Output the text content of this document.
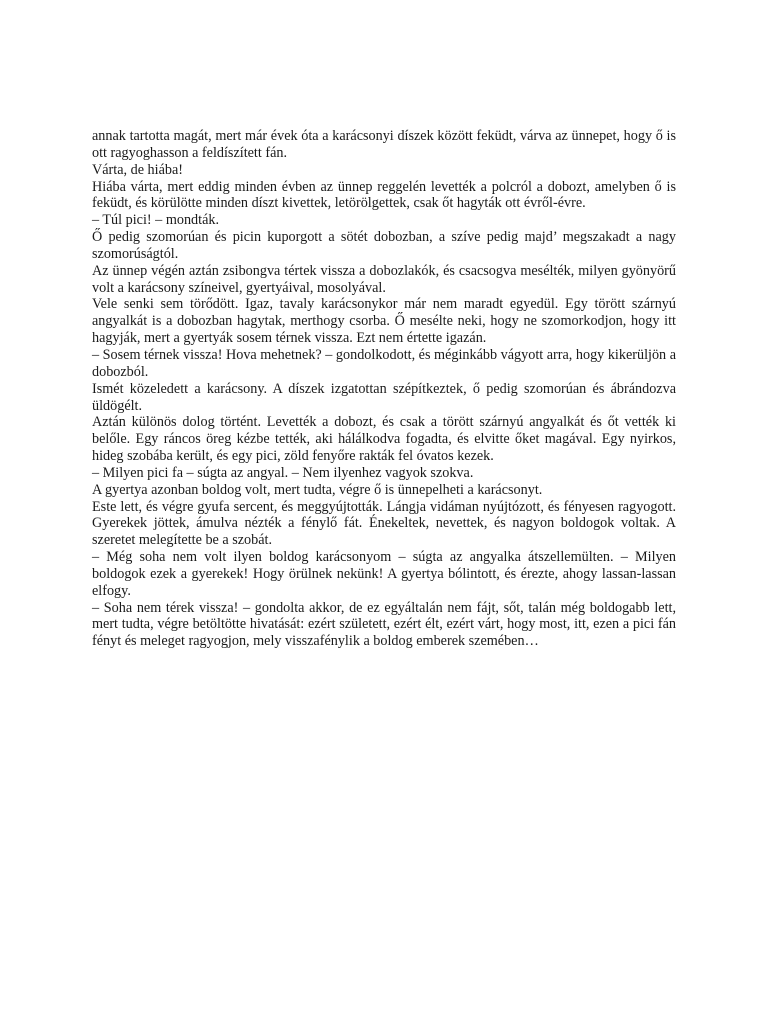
annak tartotta magát, mert már évek óta a karácsonyi díszek között feküdt, várva az ünnepet, hogy ő is ott ragyoghasson a feldíszített fán.

Várta, de hiába!

Hiába várta, mert eddig minden évben az ünnep reggelén levették a polcról a dobozt, amelyben ő is feküdt, és körülötte minden díszt kivettek, letörölgettek, csak őt hagyták ott évről-évre.

– Túl pici! – mondták.

Ő pedig szomorúan és picin kuporgott a sötét dobozban, a szíve pedig majd’ megszakadt a nagy szomorúságtól.

Az ünnep végén aztán zsibongva tértek vissza a dobozlakók, és csacsogva mesélték, milyen gyönyörű volt a karácsony színeivel, gyertyáival, mosolyával.

Vele senki sem törődött. Igaz, tavaly karácsonykor már nem maradt egyedül. Egy törött szárnyú angyalkát is a dobozban hagytak, merthogy csorba. Ő mesélte neki, hogy ne szomorkodjon, hogy itt hagyják, mert a gyertyák sosem térnek vissza. Ezt nem értette igazán.

– Sosem térnek vissza! Hova mehetnek? – gondolkodott, és méginkább vágyott arra, hogy kikerüljön a dobozból.

Ismét közeledett a karácsony. A díszek izgatottan szépítkeztek, ő pedig szomorúan és ábrándozva üldögélt.

Aztán különös dolog történt. Levették a dobozt, és csak a törött szárnyú angyalkát és őt vették ki belőle. Egy ráncos öreg kézbe tették, aki hálálkodva fogadta, és elvitte őket magával. Egy nyirkos, hideg szobába került, és egy pici, zöld fenyőre rakták fel óvatos kezek.

– Milyen pici fa – súgta az angyal. – Nem ilyenhez vagyok szokva.

A gyertya azonban boldog volt, mert tudta, végre ő is ünnepelheti a karácsonyt.

Este lett, és végre gyufa sercent, és meggyújtották. Lángja vidáman nyújtózott, és fényesen ragyogott. Gyerekek jöttek, ámulva nézték a fénylő fát. Énekeltek, nevettek, és nagyon boldogok voltak. A szeretet melegítette be a szobát.

– Még soha nem volt ilyen boldog karácsonyom – súgta az angyalka átszellemülten. – Milyen boldogok ezek a gyerekek! Hogy örülnek nekünk! A gyertya bólintott, és érezte, ahogy lassan-lassan elfogy.

– Soha nem térek vissza! – gondolta akkor, de ez egyáltalán nem fájt, sőt, talán még boldogabb lett, mert tudta, végre betöltötte hivatását: ezért született, ezért élt, ezért várt, hogy most, itt, ezen a pici fán fényt és meleget ragyogjon, mely visszafénylik a boldog emberek szemében…
